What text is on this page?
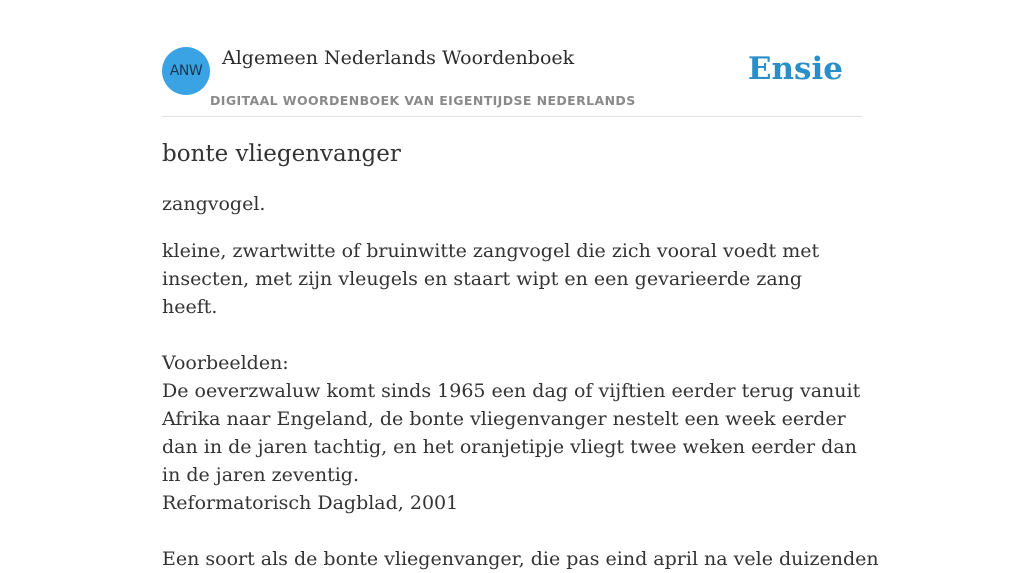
ANW
Algemeen Nederlands Woordenboek
DIGITAAL WOORDENBOEK VAN EIGENTIJDSE NEDERLANDS
Ensie
bonte vliegenvanger

zangvogel.

kleine, zwartwitte of bruinwitte zangvogel die zich vooral voedt met insecten, met zijn vleugels en staart wipt en een gevarieerde zang heeft.

Voorbeelden:

De oeverzwaluw komt sinds 1965 een dag of vijftien eerder terug vanuit Afrika naar Engeland, de bonte vliegenvanger nestelt een week eerder dan in de jaren tachtig, en het oranjetipje vliegt twee weken eerder dan in de jaren zeventig.

Reformatorisch Dagblad, 2001

Een soort als de bonte vliegenvanger, die pas eind april na vele duizenden
